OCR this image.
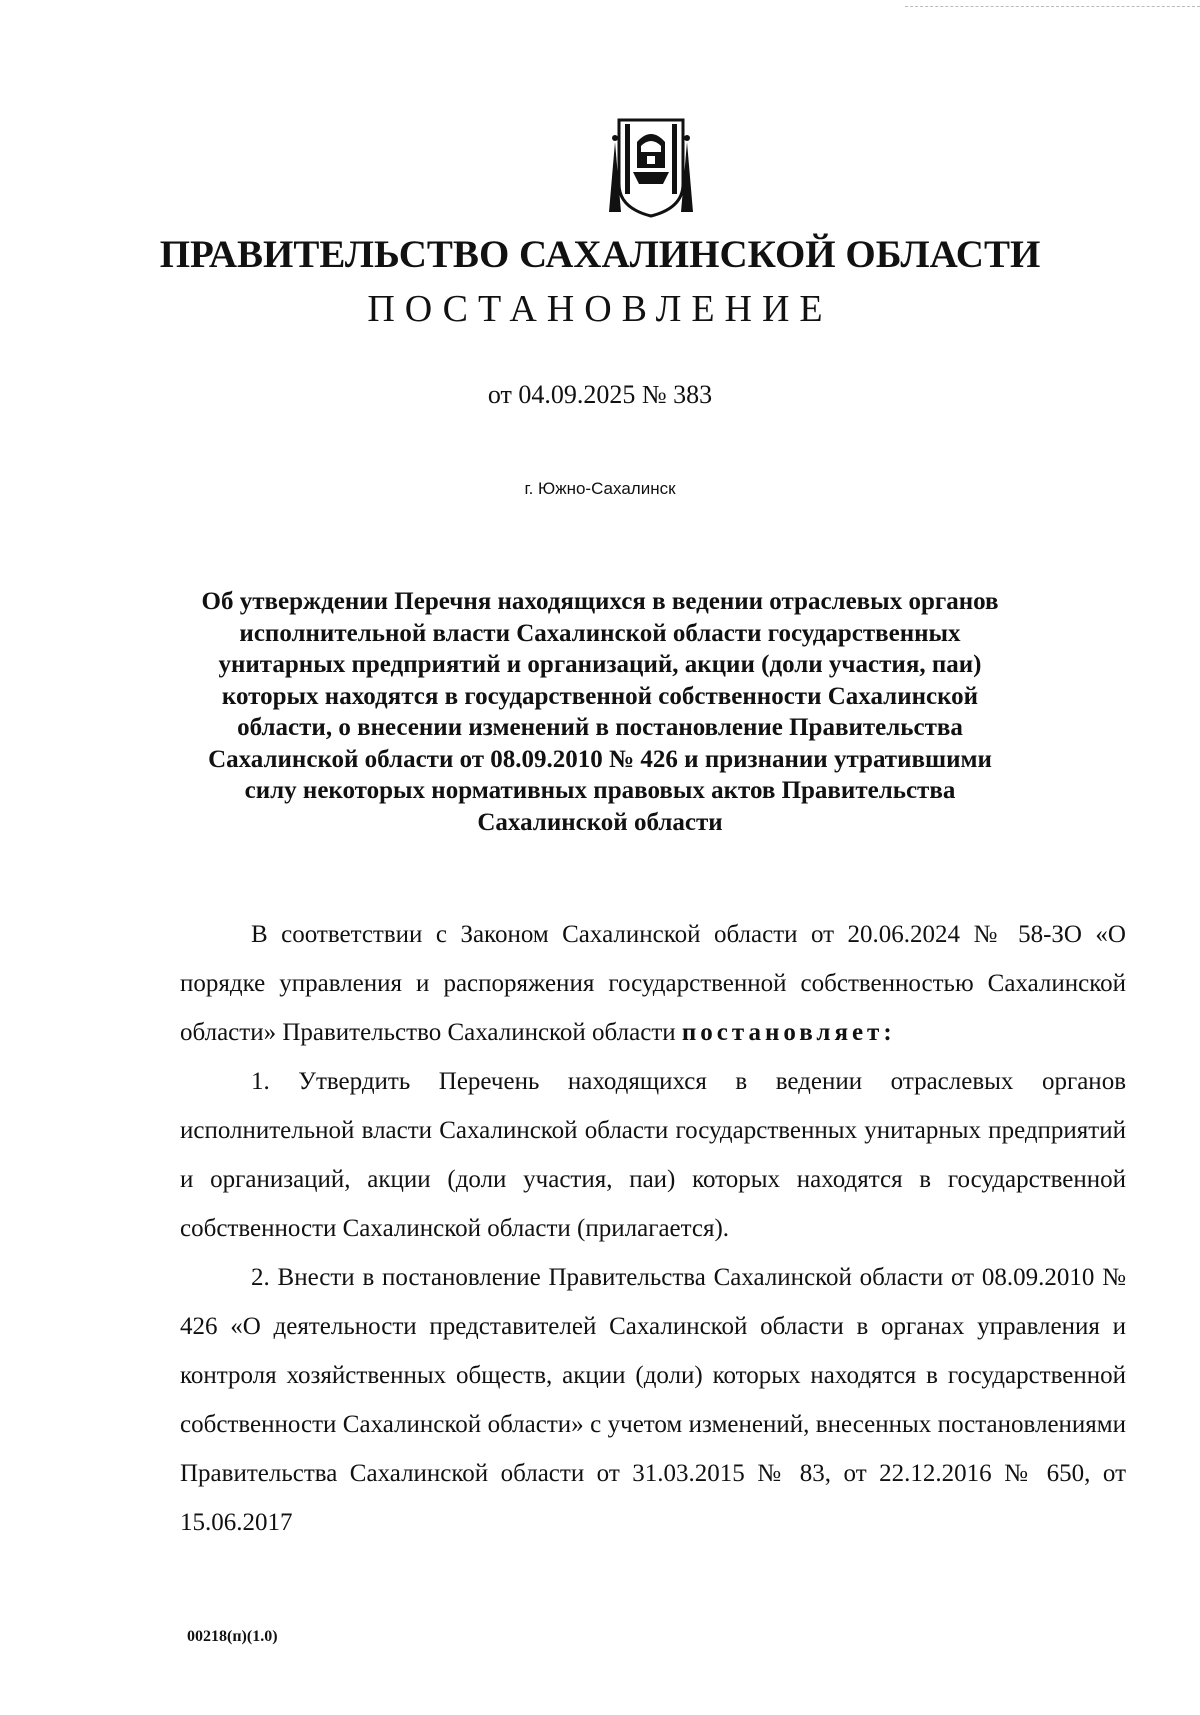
ПРАВИТЕЛЬСТВО САХАЛИНСКОЙ ОБЛАСТИ
ПОСТАНОВЛЕНИЕ
от 04.09.2025 № 383
г. Южно-Сахалинск
Об утверждении Перечня находящихся в ведении отраслевых органов исполнительной власти Сахалинской области государственных унитарных предприятий и организаций, акции (доли участия, паи) которых находятся в государственной собственности Сахалинской области, о внесении изменений в постановление Правительства Сахалинской области от 08.09.2010 № 426 и признании утратившими силу некоторых нормативных правовых актов Правительства Сахалинской области

В соответствии с Законом Сахалинской области от 20.06.2024 № 58-ЗО «О порядке управления и распоряжения государственной собственностью Сахалинской области» Правительство Сахалинской области постановляет:

1. Утвердить Перечень находящихся в ведении отраслевых органов исполнительной власти Сахалинской области государственных унитарных предприятий и организаций, акции (доли участия, паи) которых находятся в государственной собственности Сахалинской области (прилагается).

2. Внести в постановление Правительства Сахалинской области от 08.09.2010 № 426 «О деятельности представителей Сахалинской области в органах управления и контроля хозяйственных обществ, акции (доли) которых находятся в государственной собственности Сахалинской области» с учетом изменений, внесенных постановлениями Правительства Сахалинской области от 31.03.2015 № 83, от 22.12.2016 № 650, от 15.06.2017

00218(п)(1.0)
